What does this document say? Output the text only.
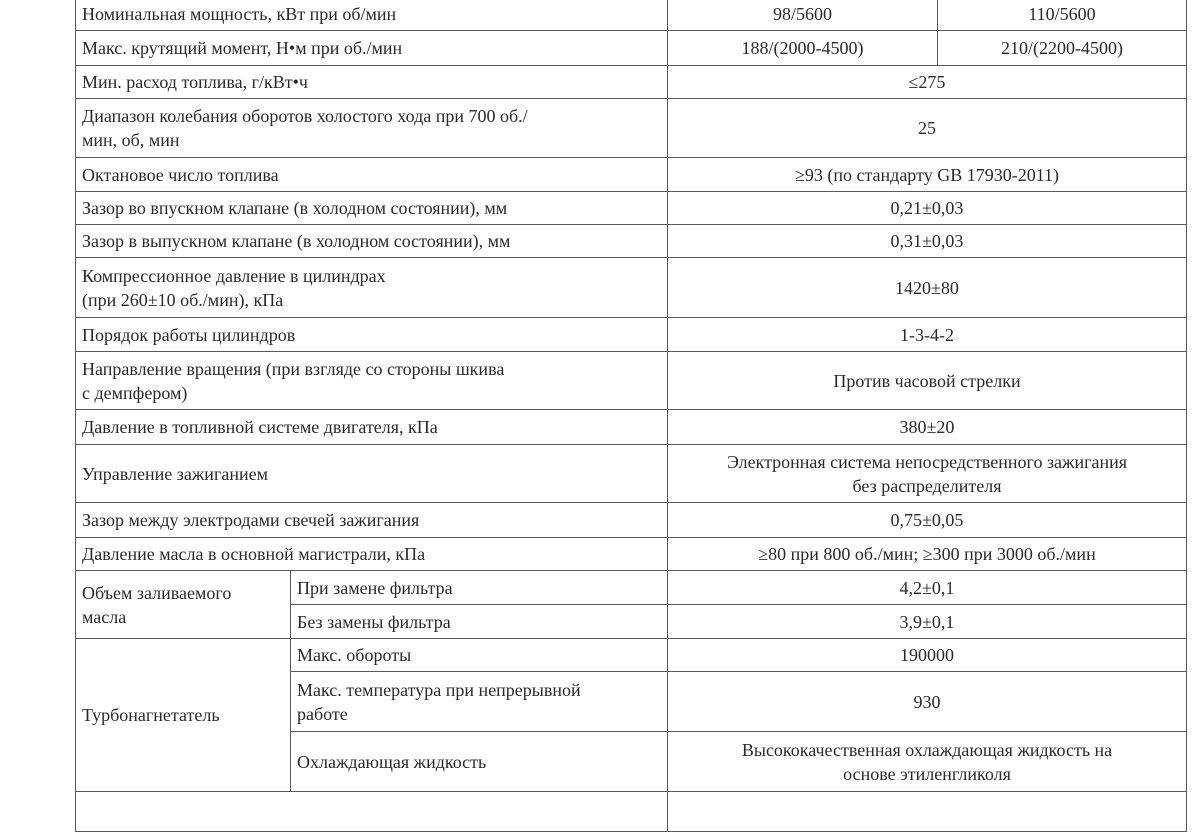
Номинальная мощность, кВт при об/мин		98/5600	110/5600
Макс. крутящий момент, Н•м при об./мин		188/(2000-4500)	210/(2200-4500)
Мин. расход топлива, г/кВт•ч		≤275	
Диапазон колебания оборотов холостого хода при 700 об./
мин, об, мин		25	
Октановое число топлива		≥93 (по стандарту GB 17930-2011)	
Зазор во впускном клапане (в холодном состоянии), мм		0,21±0,03	
Зазор в выпускном клапане (в холодном состоянии), мм		0,31±0,03	
Компрессионное давление в цилиндрах
(при 260±10 об./мин), кПа		1420±80	
Порядок работы цилиндров		1-3-4-2	
Направление вращения (при взгляде со стороны шкива
с демпфером)		Против часовой стрелки	
Давление в топливной системе двигателя, кПа		380±20	
Управление зажиганием		Электронная система непосредственного зажигания
без распределителя	
Зазор между электродами свечей зажигания		0,75±0,05	
Давление масла в основной магистрали, кПа		≥80 при 800 об./мин; ≥300 при 3000 об./мин	
Объем заливаемого
масла	При замене фильтра	4,2±0,1	
	Без замены фильтра	3,9±0,1	
Турбонагнетатель	Макс. обороты	190000	
	Макс. температура при непрерывной
работе	930	
	Охлаждающая жидкость	Высококачественная охлаждающая жидкость на
основе этиленгликоля	
